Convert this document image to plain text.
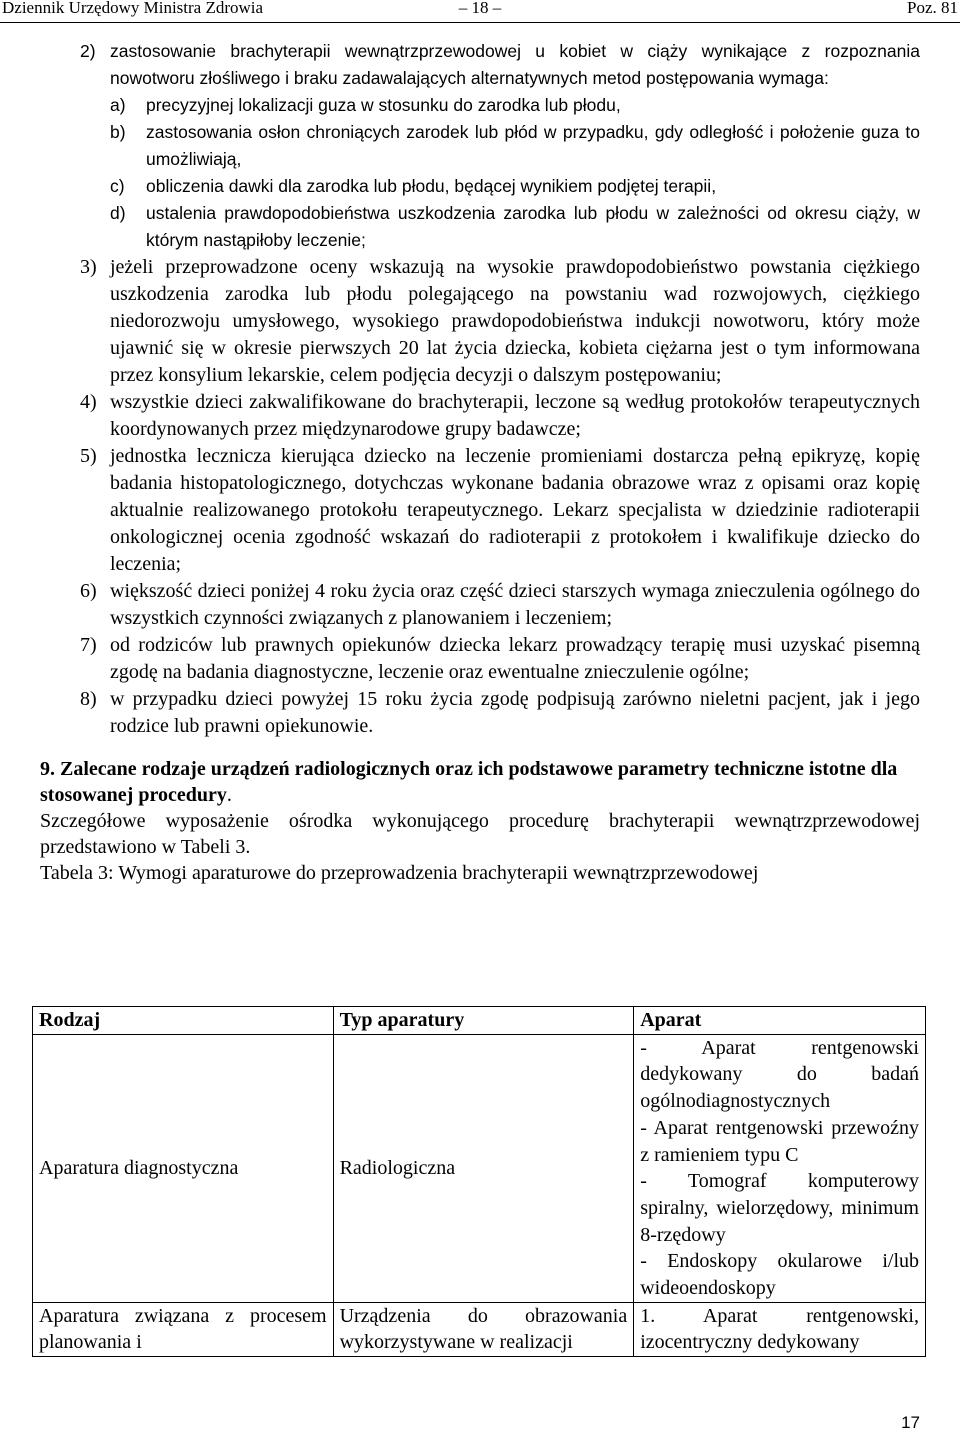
Dziennik Urzędowy Ministra Zdrowia	– 18 –	Poz. 81
2) zastosowanie brachyterapii wewnątrzprzewodowej u kobiet w ciąży wynikające z rozpoznania nowotworu złośliwego i braku zadawalających alternatywnych metod postępowania wymaga:
a) precyzyjnej lokalizacji guza w stosunku do zarodka lub płodu,
b) zastosowania osłon chroniących zarodek lub płód w przypadku, gdy odległość i położenie guza to umożliwiają,
c) obliczenia dawki dla zarodka lub płodu, będącej wynikiem podjętej terapii,
d) ustalenia prawdopodobieństwa uszkodzenia zarodka lub płodu w zależności od okresu ciąży, w którym nastąpiłoby leczenie;
3) jeżeli przeprowadzone oceny wskazują na wysokie prawdopodobieństwo powstania ciężkiego uszkodzenia zarodka lub płodu polegającego na powstaniu wad rozwojowych, ciężkiego niedorozwoju umysłowego, wysokiego prawdopodobieństwa indukcji nowotworu, który może ujawnić się w okresie pierwszych 20 lat życia dziecka, kobieta ciężarna jest o tym informowana przez konsylium lekarskie, celem podjęcia decyzji o dalszym postępowaniu;
4) wszystkie dzieci zakwalifikowane do brachyterapii, leczone są według protokołów terapeutycznych koordynowanych przez międzynarodowe grupy badawcze;
5) jednostka lecznicza kierująca dziecko na leczenie promieniami dostarcza pełną epikryzę, kopię badania histopatologicznego, dotychczas wykonane badania obrazowe wraz z opisami oraz kopię aktualnie realizowanego protokołu terapeutycznego. Lekarz specjalista w dziedzinie radioterapii onkologicznej ocenia zgodność wskazań do radioterapii z protokołem i kwalifikuje dziecko do leczenia;
6) większość dzieci poniżej 4 roku życia oraz część dzieci starszych wymaga znieczulenia ogólnego do wszystkich czynności związanych z planowaniem i leczeniem;
7) od rodziców lub prawnych opiekunów dziecka lekarz prowadzący terapię musi uzyskać pisemną zgodę na badania diagnostyczne, leczenie oraz ewentualne znieczulenie ogólne;
8) w przypadku dzieci powyżej 15 roku życia zgodę podpisują zarówno nieletni pacjent, jak i jego rodzice lub prawni opiekunowie.
9. Zalecane rodzaje urządzeń radiologicznych oraz ich podstawowe parametry techniczne istotne dla stosowanej procedury.
Szczegółowe wyposażenie ośrodka wykonującego procedurę brachyterapii wewnątrzprzewodowej przedstawiono w Tabeli 3.
Tabela 3: Wymogi aparaturowe do przeprowadzenia brachyterapii wewnątrzprzewodowej
Rodzaj	Typ aparatury	Aparat
Aparatura diagnostyczna	Radiologiczna	- Aparat rentgenowski dedykowany do badań ogólnodiagnostycznych
- Aparat rentgenowski przewoźny z ramieniem typu C
- Tomograf komputerowy spiralny, wielorzędowy, minimum 8-rzędowy
- Endoskopy okularowe i/lub wideoendoskopy

Aparatura związana z procesem planowania i	Urządzenia do obrazowania wykorzystywane w realizacji	1. Aparat rentgenowski, izocentryczny dedykowany
17
